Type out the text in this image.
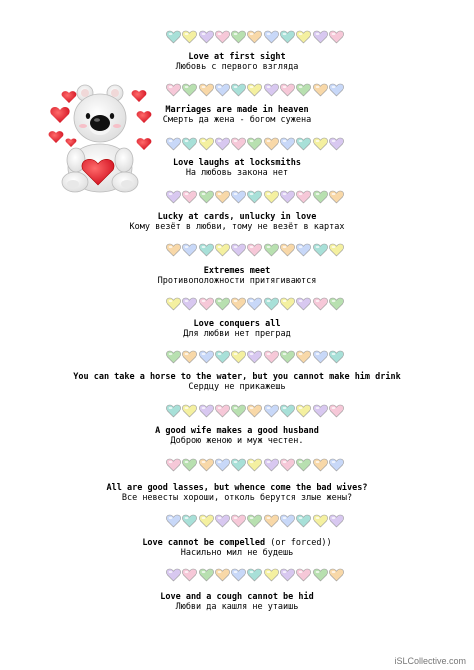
Love at first sight
Любовь с первого взгляда
Marriages are made in heaven
Смерть да жена - богом сужена
Love laughs at locksmiths
На любовь закона нет
Lucky at cards, unlucky in love
Кому везёт в любви, тому не везёт в картах
Extremes meet
Противоположности притягиваются
Love conquers all
Для любви нет преград
You can take a horse to the water, but you cannot make him drink
Сердцу не прикажешь
A good wife makes a good husband
Доброю женою и муж честен.
All are good lasses, but whence come the bad wives?
Все невесты хороши, отколь берутся злые жены?
Love cannot be compelled (or forced))
Насильно мил не будешь
Love and a cough cannot be hid
Любви да кашля не утаишь
iSLCollective.com
